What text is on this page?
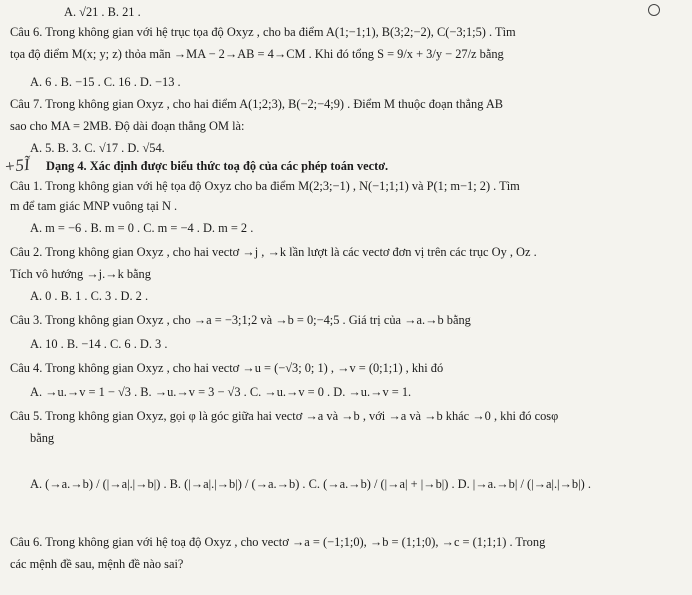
+5Ĩ
A. √21 . B. 21 .
Câu 6. Trong không gian với hệ trục tọa độ Oxyz , cho ba điểm A(1;−1;1), B(3;2;−2), C(−3;1;5) . Tìm
tọa độ điểm M(x; y; z) thỏa mãn →MA − 2→AB = 4→CM . Khi đó tổng S = 9/x + 3/y − 27/z bằng
A. 6 . B. −15 . C. 16 . D. −13 .
Câu 7. Trong không gian Oxyz , cho hai điểm A(1;2;3), B(−2;−4;9) . Điểm M thuộc đoạn thẳng AB
sao cho MA = 2MB. Độ dài đoạn thẳng OM là:
A. 5. B. 3. C. √17 . D. √54.
Dạng 4. Xác định được biểu thức toạ độ của các phép toán vectơ.
Câu 1. Trong không gian với hệ tọa độ Oxyz cho ba điểm M(2;3;−1) , N(−1;1;1) và P(1; m−1; 2) . Tìm
m để tam giác MNP vuông tại N .
A. m = −6 . B. m = 0 . C. m = −4 . D. m = 2 .
Câu 2. Trong không gian Oxyz , cho hai vectơ →j , →k lần lượt là các vectơ đơn vị trên các trục Oy , Oz .
Tích vô hướng →j.→k bằng
A. 0 . B. 1 . C. 3 . D. 2 .
Câu 3. Trong không gian Oxyz , cho →a = −3;1;2 và →b = 0;−4;5 . Giá trị của →a.→b bằng
A. 10 . B. −14 . C. 6 . D. 3 .
Câu 4. Trong không gian Oxyz , cho hai vectơ →u = (−√3; 0; 1) , →v = (0;1;1) , khi đó
A. →u.→v = 1 − √3 . B. →u.→v = 3 − √3 . C. →u.→v = 0 . D. →u.→v = 1.
Câu 5. Trong không gian Oxyz, gọi φ là góc giữa hai vectơ →a và →b , với →a và →b khác →0 , khi đó cosφ
bằng
A. (→a.→b) / (|→a|.|→b|) . B. (|→a|.|→b|) / (→a.→b) . C. (→a.→b) / (|→a| + |→b|) . D. |→a.→b| / (|→a|.|→b|) .
Câu 6. Trong không gian với hệ toạ độ Oxyz , cho vectơ →a = (−1;1;0), →b = (1;1;0), →c = (1;1;1) . Trong
các mệnh đề sau, mệnh đề nào sai?
